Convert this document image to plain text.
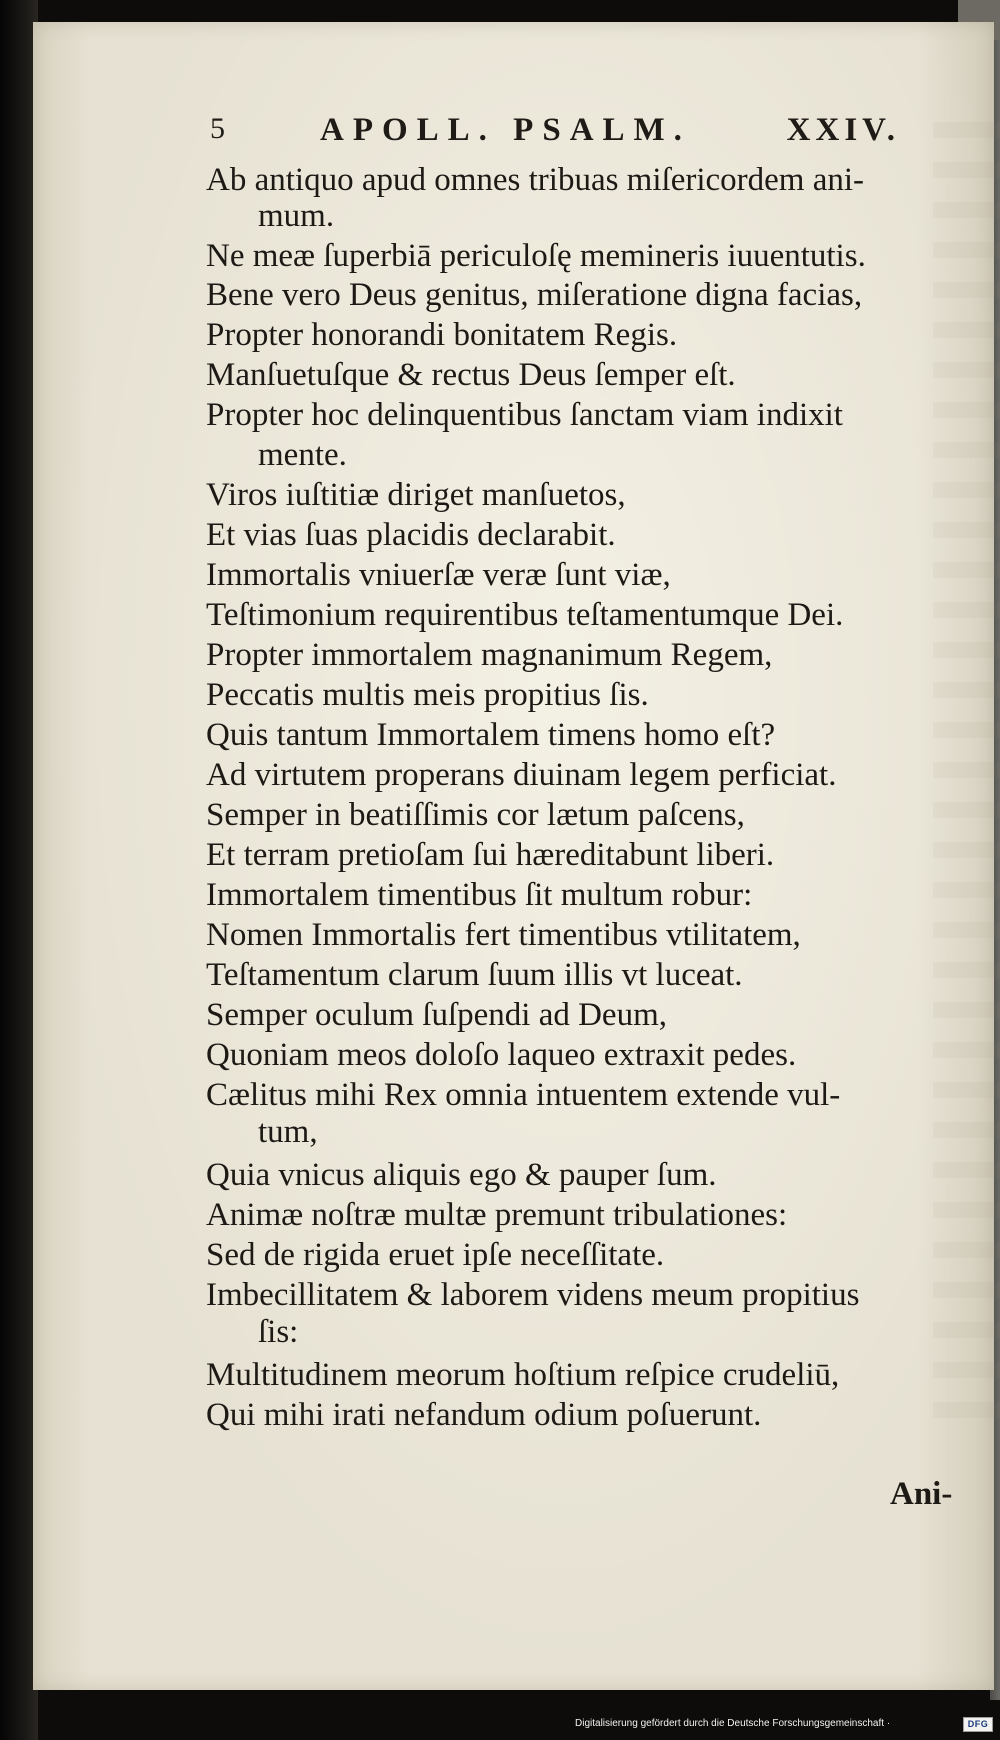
5	APOLL. PSALM.	XXIV.
Ab antiquo apud omnes tribuas miſericordem ani-
mum.
Ne meæ ſuperbiā periculoſę memineris iuuentutis.
Bene vero Deus genitus, miſeratione digna facias,
Propter honorandi bonitatem Regis.
Manſuetuſque & rectus Deus ſemper eſt.
Propter hoc delinquentibus ſanctam viam indixit
mente.
Viros iuſtitiæ diriget manſuetos,
Et vias ſuas placidis declarabit.
Immortalis vniuerſæ veræ ſunt viæ,
Teſtimonium requirentibus teſtamentumque Dei.
Propter immortalem magnanimum Regem,
Peccatis multis meis propitius ſis.
Quis tantum Immortalem timens homo eſt?
Ad virtutem properans diuinam legem perficiat.
Semper in beatiſſimis cor lætum paſcens,
Et terram pretioſam ſui hæreditabunt liberi.
Immortalem timentibus ſit multum robur:
Nomen Immortalis fert timentibus vtilitatem,
Teſtamentum clarum ſuum illis vt luceat.
Semper oculum ſuſpendi ad Deum,
Quoniam meos doloſo laqueo extraxit pedes.
Cælitus mihi Rex omnia intuentem extende vul-
tum,
Quia vnicus aliquis ego & pauper ſum.
Animæ noſtræ multæ premunt tribulationes:
Sed de rigida eruet ipſe neceſſitate.
Imbecillitatem & laborem videns meum propitius
ſis:
Multitudinem meorum hoſtium reſpice crudeliū,
Qui mihi irati nefandum odium poſuerunt.
Ani-
Digitalisierung gefördert durch die Deutsche Forschungsgemeinschaft ·	DFG
